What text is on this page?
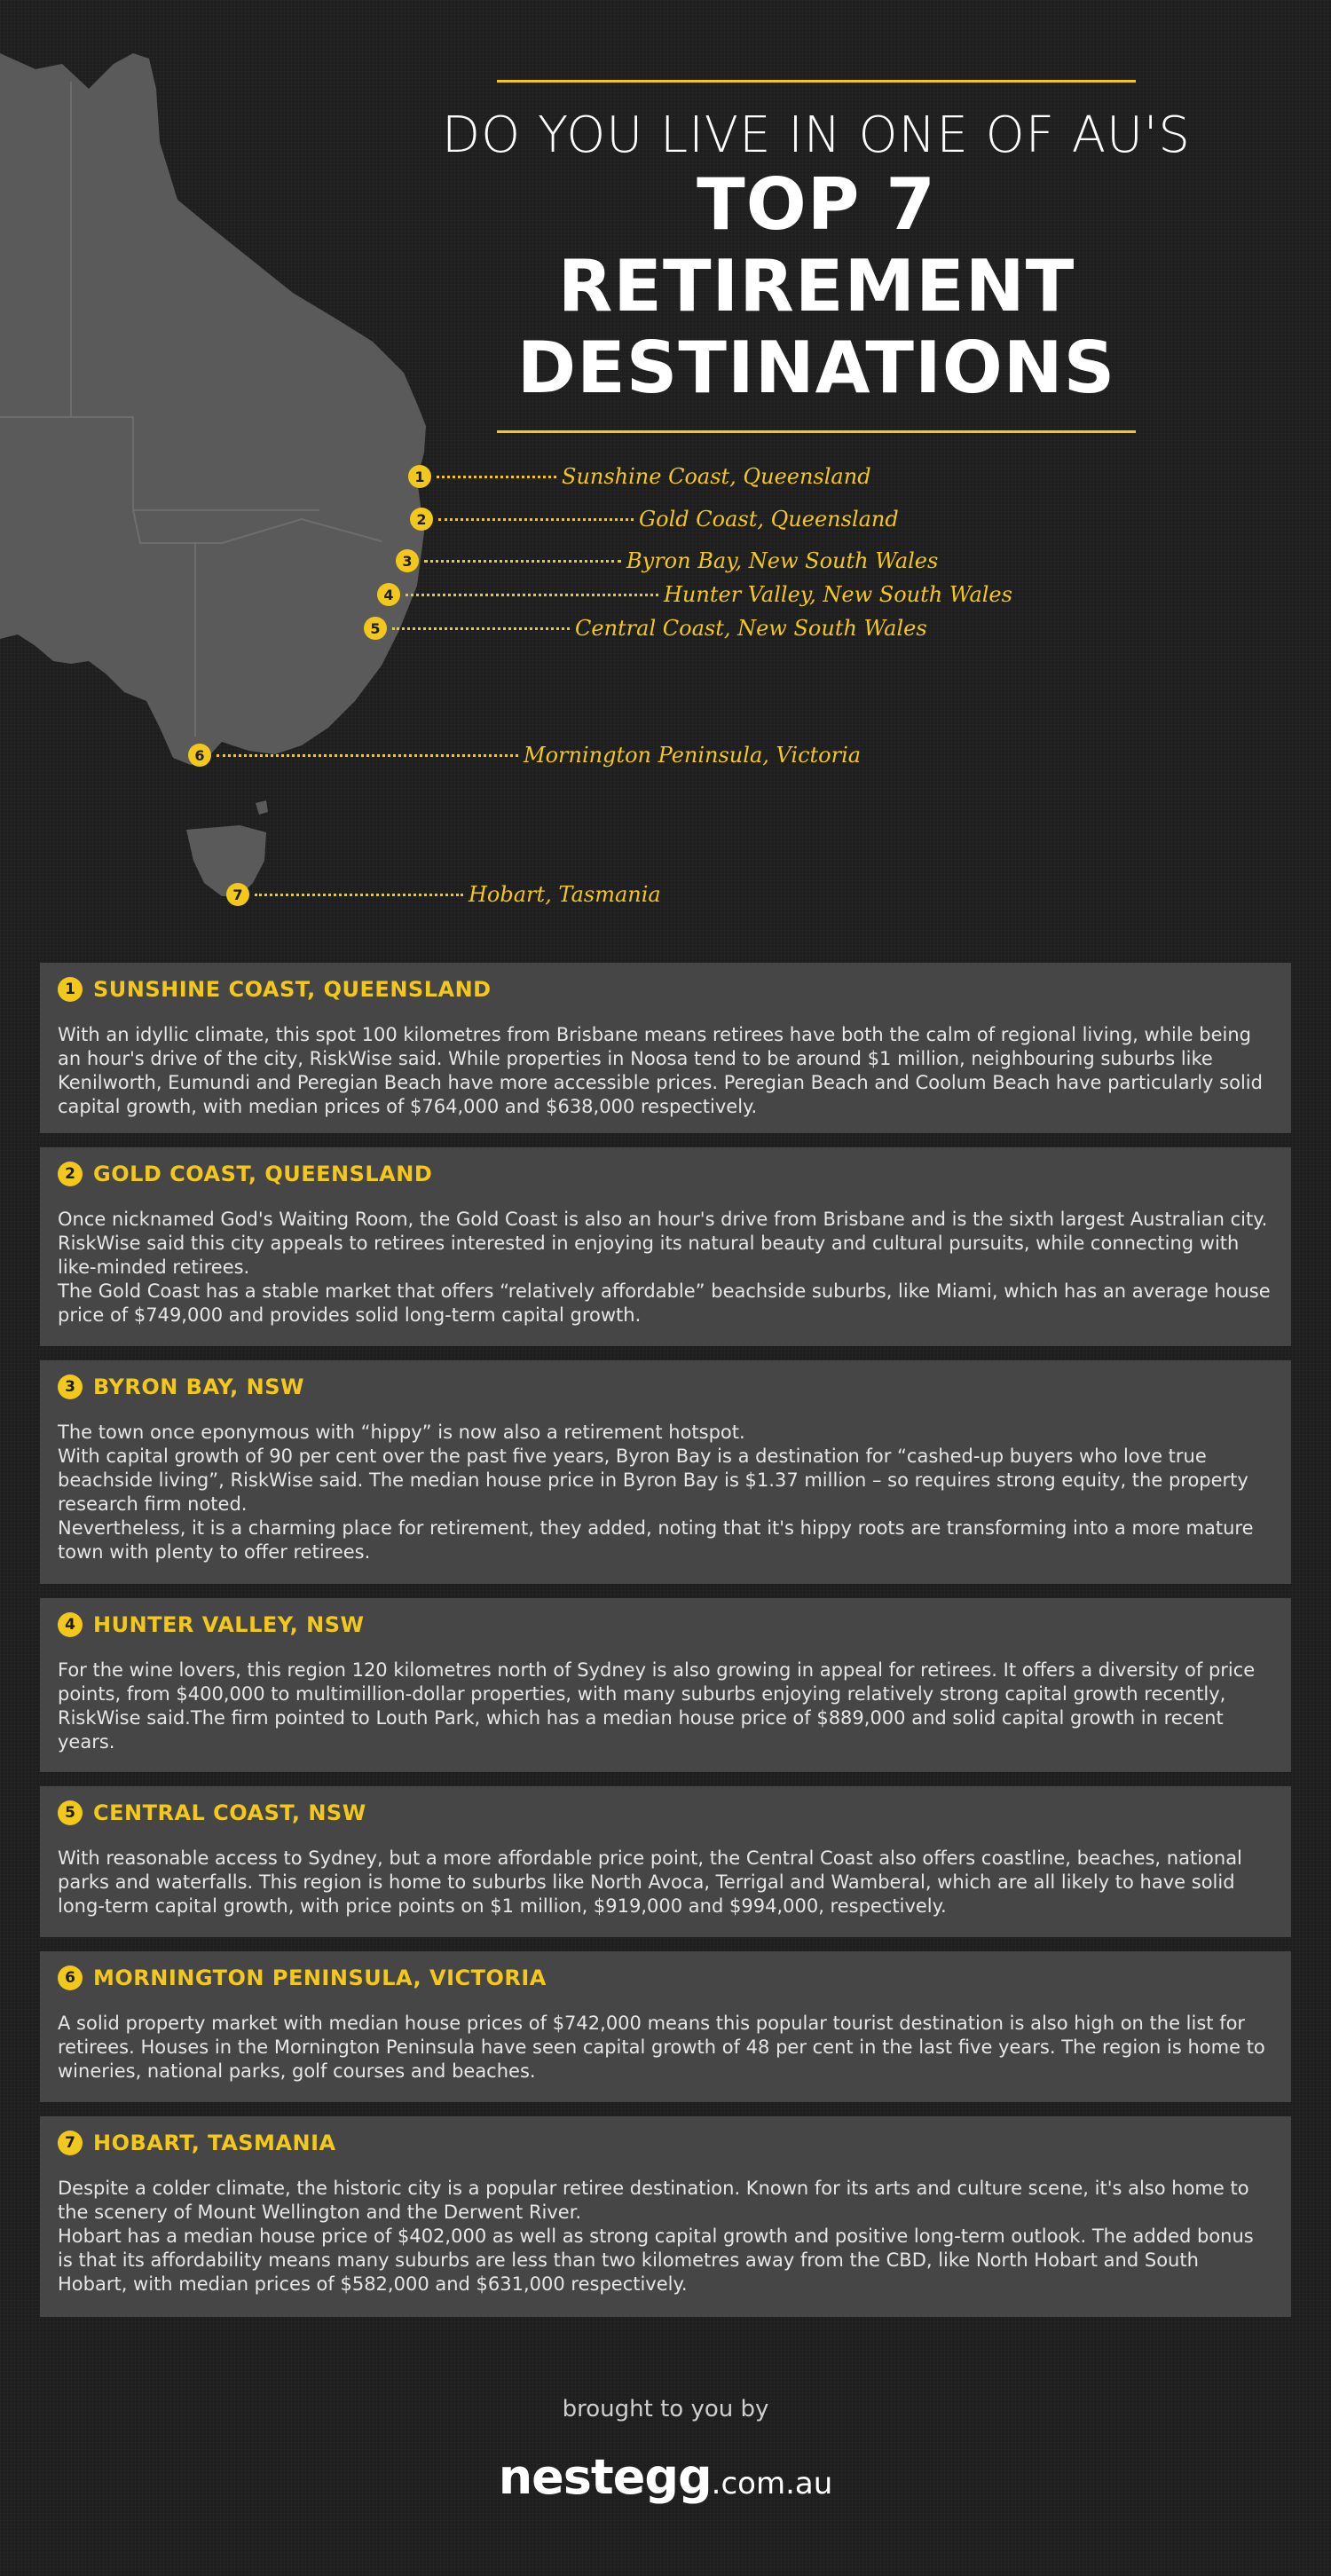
DO YOU LIVE IN ONE OF AU'S
TOP 7 RETIREMENT
DESTINATIONS
1	Sunshine Coast, Queensland
2	Gold Coast, Queensland
3	Byron Bay, New South Wales
4	Hunter Valley, New South Wales
5	Central Coast, New South Wales
6	Mornington Peninsula, Victoria
7	Hobart, Tasmania
1 SUNSHINE COAST, QUEENSLAND

With an idyllic climate, this spot 100 kilometres from Brisbane means retirees have both the calm of regional living, while being an hour's drive of the city, RiskWise said. While properties in Noosa tend to be around $1 million, neighbouring suburbs like Kenilworth, Eumundi and Peregian Beach have more accessible prices. Peregian Beach and Coolum Beach have particularly solid capital growth, with median prices of $764,000 and $638,000 respectively.

2 GOLD COAST, QUEENSLAND

Once nicknamed God's Waiting Room, the Gold Coast is also an hour's drive from Brisbane and is the sixth largest Australian city. RiskWise said this city appeals to retirees interested in enjoying its natural beauty and cultural pursuits, while connecting with like-minded retirees.

The Gold Coast has a stable market that offers “relatively affordable” beachside suburbs, like Miami, which has an average house price of $749,000 and provides solid long-term capital growth.

3 BYRON BAY, NSW

The town once eponymous with “hippy” is now also a retirement hotspot.

With capital growth of 90 per cent over the past five years, Byron Bay is a destination for “cashed-up buyers who love true beachside living”, RiskWise said. The median house price in Byron Bay is $1.37 million – so requires strong equity, the property research firm noted.

Nevertheless, it is a charming place for retirement, they added, noting that it's hippy roots are transforming into a more mature town with plenty to offer retirees.

4 HUNTER VALLEY, NSW

For the wine lovers, this region 120 kilometres north of Sydney is also growing in appeal for retirees. It offers a diversity of price points, from $400,000 to multimillion-dollar properties, with many suburbs enjoying relatively strong capital growth recently, RiskWise said.The firm pointed to Louth Park, which has a median house price of $889,000 and solid capital growth in recent years.

5 CENTRAL COAST, NSW

With reasonable access to Sydney, but a more affordable price point, the Central Coast also offers coastline, beaches, national parks and waterfalls. This region is home to suburbs like North Avoca, Terrigal and Wamberal, which are all likely to have solid long-term capital growth, with price points on $1 million, $919,000 and $994,000, respectively.

6 MORNINGTON PENINSULA, VICTORIA

A solid property market with median house prices of $742,000 means this popular tourist destination is also high on the list for retirees. Houses in the Mornington Peninsula have seen capital growth of 48 per cent in the last five years. The region is home to wineries, national parks, golf courses and beaches.

7 HOBART, TASMANIA

Despite a colder climate, the historic city is a popular retiree destination. Known for its arts and culture scene, it's also home to the scenery of Mount Wellington and the Derwent River.

Hobart has a median house price of $402,000 as well as strong capital growth and positive long-term outlook. The added bonus is that its affordability means many suburbs are less than two kilometres away from the CBD, like North Hobart and South Hobart, with median prices of $582,000 and $631,000 respectively.

brought to you by
nestegg.com.au
